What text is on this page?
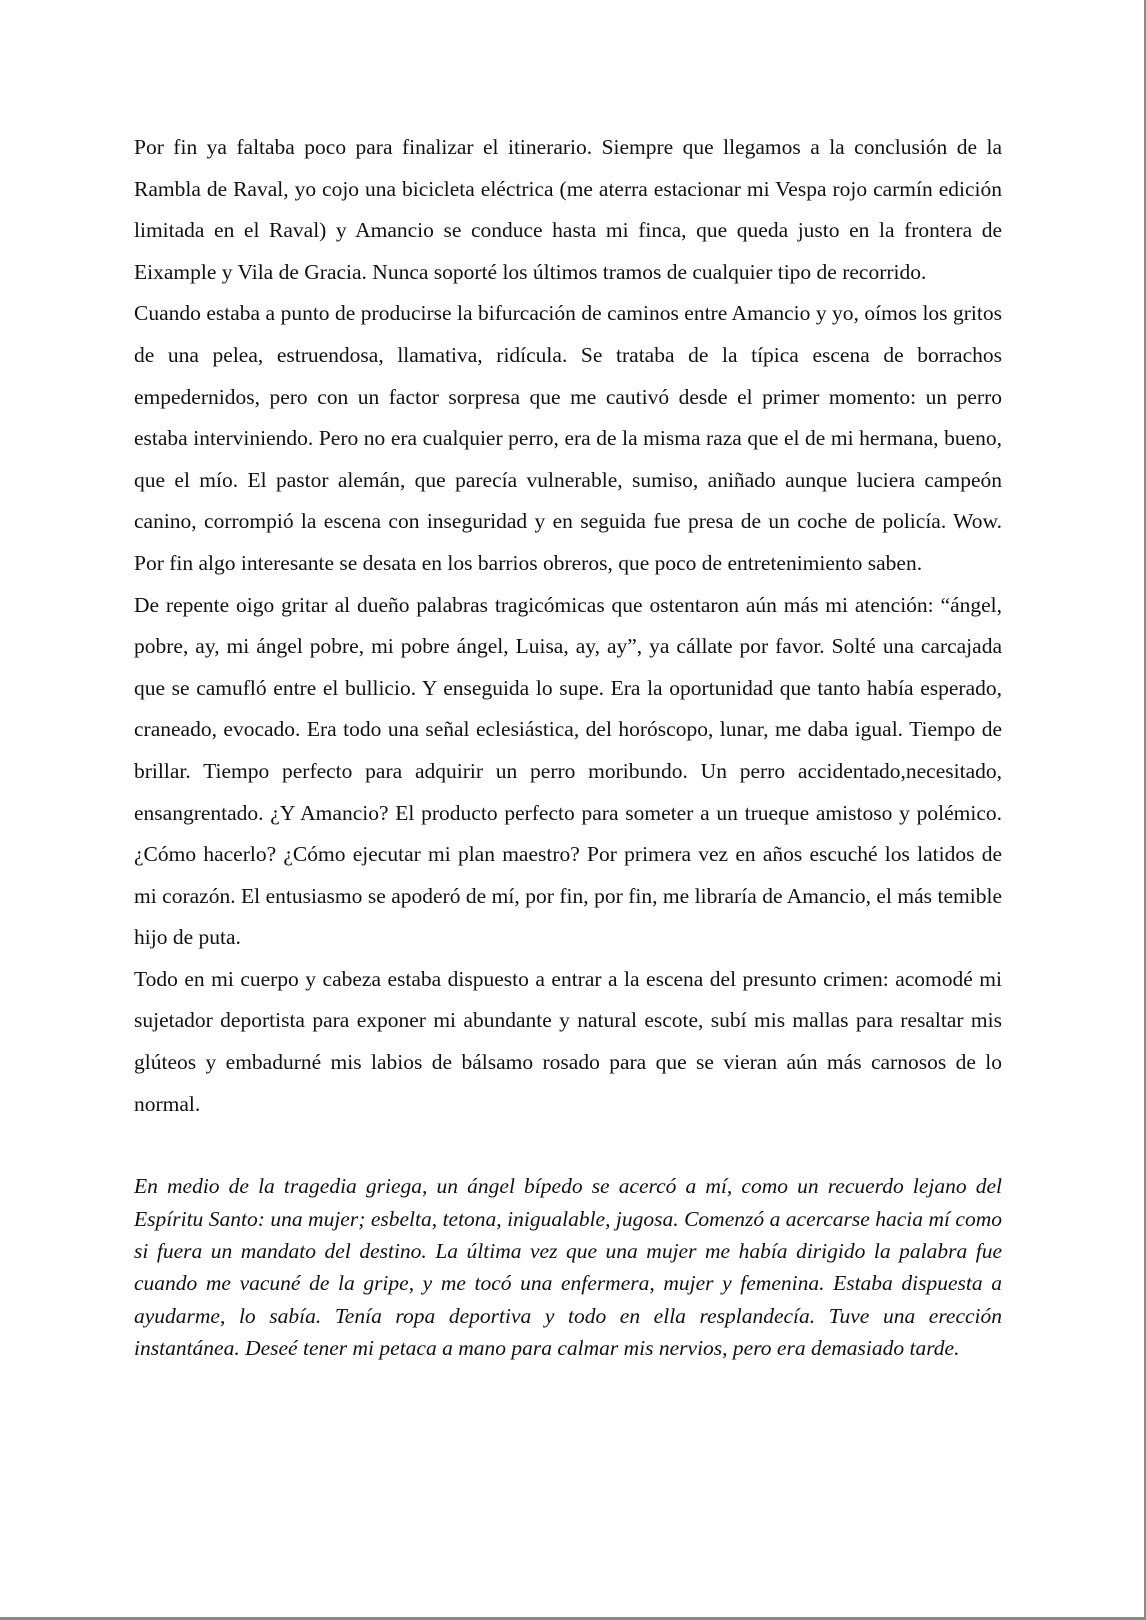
Por fin ya faltaba poco para finalizar el itinerario. Siempre que llegamos a la conclusión de la Rambla de Raval, yo cojo una bicicleta eléctrica (me aterra estacionar mi Vespa rojo carmín edición limitada en el Raval) y Amancio se conduce hasta mi finca, que queda justo en la frontera de Eixample y Vila de Gracia. Nunca soporté los últimos tramos de cualquier tipo de recorrido.

Cuando estaba a punto de producirse la bifurcación de caminos entre Amancio y yo, oímos los gritos de una pelea, estruendosa, llamativa, ridícula. Se trataba de la típica escena de borrachos empedernidos, pero con un factor sorpresa que me cautivó desde el primer momento: un perro estaba interviniendo. Pero no era cualquier perro, era de la misma raza que el de mi hermana, bueno, que el mío. El pastor alemán, que parecía vulnerable, sumiso, aniñado aunque luciera campeón canino, corrompió la escena con inseguridad y en seguida fue presa de un coche de policía. Wow. Por fin algo interesante se desata en los barrios obreros, que poco de entretenimiento saben.

De repente oigo gritar al dueño palabras tragicómicas que ostentaron aún más mi atención: “ángel, pobre, ay, mi ángel pobre, mi pobre ángel, Luisa, ay, ay”, ya cállate por favor. Solté una carcajada que se camufló entre el bullicio. Y enseguida lo supe. Era la oportunidad que tanto había esperado, craneado, evocado. Era todo una señal eclesiástica, del horóscopo, lunar, me daba igual. Tiempo de brillar. Tiempo perfecto para adquirir un perro moribundo. Un perro accidentado,necesitado, ensangrentado. ¿Y Amancio? El producto perfecto para someter a un trueque amistoso y polémico. ¿Cómo hacerlo? ¿Cómo ejecutar mi plan maestro? Por primera vez en años escuché los latidos de mi corazón. El entusiasmo se apoderó de mí, por fin, por fin, me libraría de Amancio, el más temible hijo de puta.

Todo en mi cuerpo y cabeza estaba dispuesto a entrar a la escena del presunto crimen: acomodé mi sujetador deportista para exponer mi abundante y natural escote, subí mis mallas para resaltar mis glúteos y embadurné mis labios de bálsamo rosado para que se vieran aún más carnosos de lo normal.

En medio de la tragedia griega, un ángel bípedo se acercó a mí, como un recuerdo lejano del Espíritu Santo: una mujer; esbelta, tetona, inigualable, jugosa. Comenzó a acercarse hacia mí como si fuera un mandato del destino. La última vez que una mujer me había dirigido la palabra fue cuando me vacuné de la gripe, y me tocó una enfermera, mujer y femenina. Estaba dispuesta a ayudarme, lo sabía. Tenía ropa deportiva y todo en ella resplandecía. Tuve una erección instantánea. Deseé tener mi petaca a mano para calmar mis nervios, pero era demasiado tarde.
